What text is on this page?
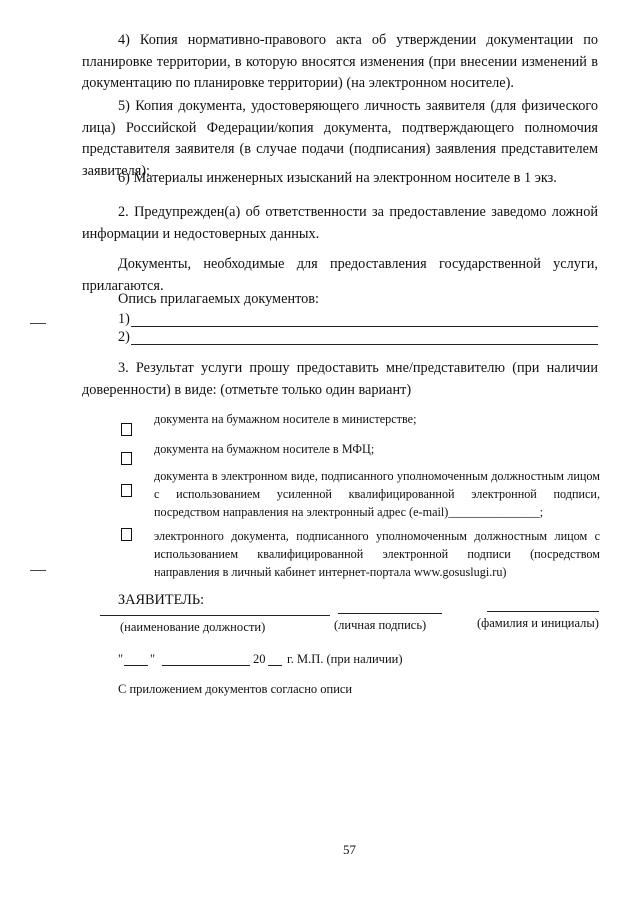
4) Копия нормативно-правового акта об утверждении документации по планировке территории, в которую вносятся изменения (при внесении изменений в документацию по планировке территории) (на электронном носителе).

5) Копия документа, удостоверяющего личность заявителя (для физического лица) Российской Федерации/копия документа, подтверждающего полномочия представителя заявителя (в случае подачи (подписания) заявления представителем заявителя);

6) Материалы инженерных изысканий на электронном носителе в 1 экз.

2. Предупрежден(а) об ответственности за предоставление заведомо ложной информации и недостоверных данных.

Документы, необходимые для предоставления государственной услуги, прилагаются.

Опись прилагаемых документов:
1)
2)

3. Результат услуги прошу предоставить мне/представителю (при наличии доверенности) в виде: (отметьте только один вариант)

документа на бумажном носителе в министерстве;

документа на бумажном носителе в МФЦ;

документа в электронном виде, подписанного уполномоченным должностным лицом с использованием усиленной квалифицированной электронной подписи, посредством направления на электронный адрес (e-mail)_______________;

электронного документа, подписанного уполномоченным должностным лицом с использованием квалифицированной электронной подписи (посредством направления в личный кабинет интернет-портала www.gosuslugi.ru)

ЗАЯВИТЕЛЬ:
(наименование должности)	(личная подпись)	(фамилия и инициалы)
" "	20 г. М.П. (при наличии)
С приложением документов согласно описи
57
